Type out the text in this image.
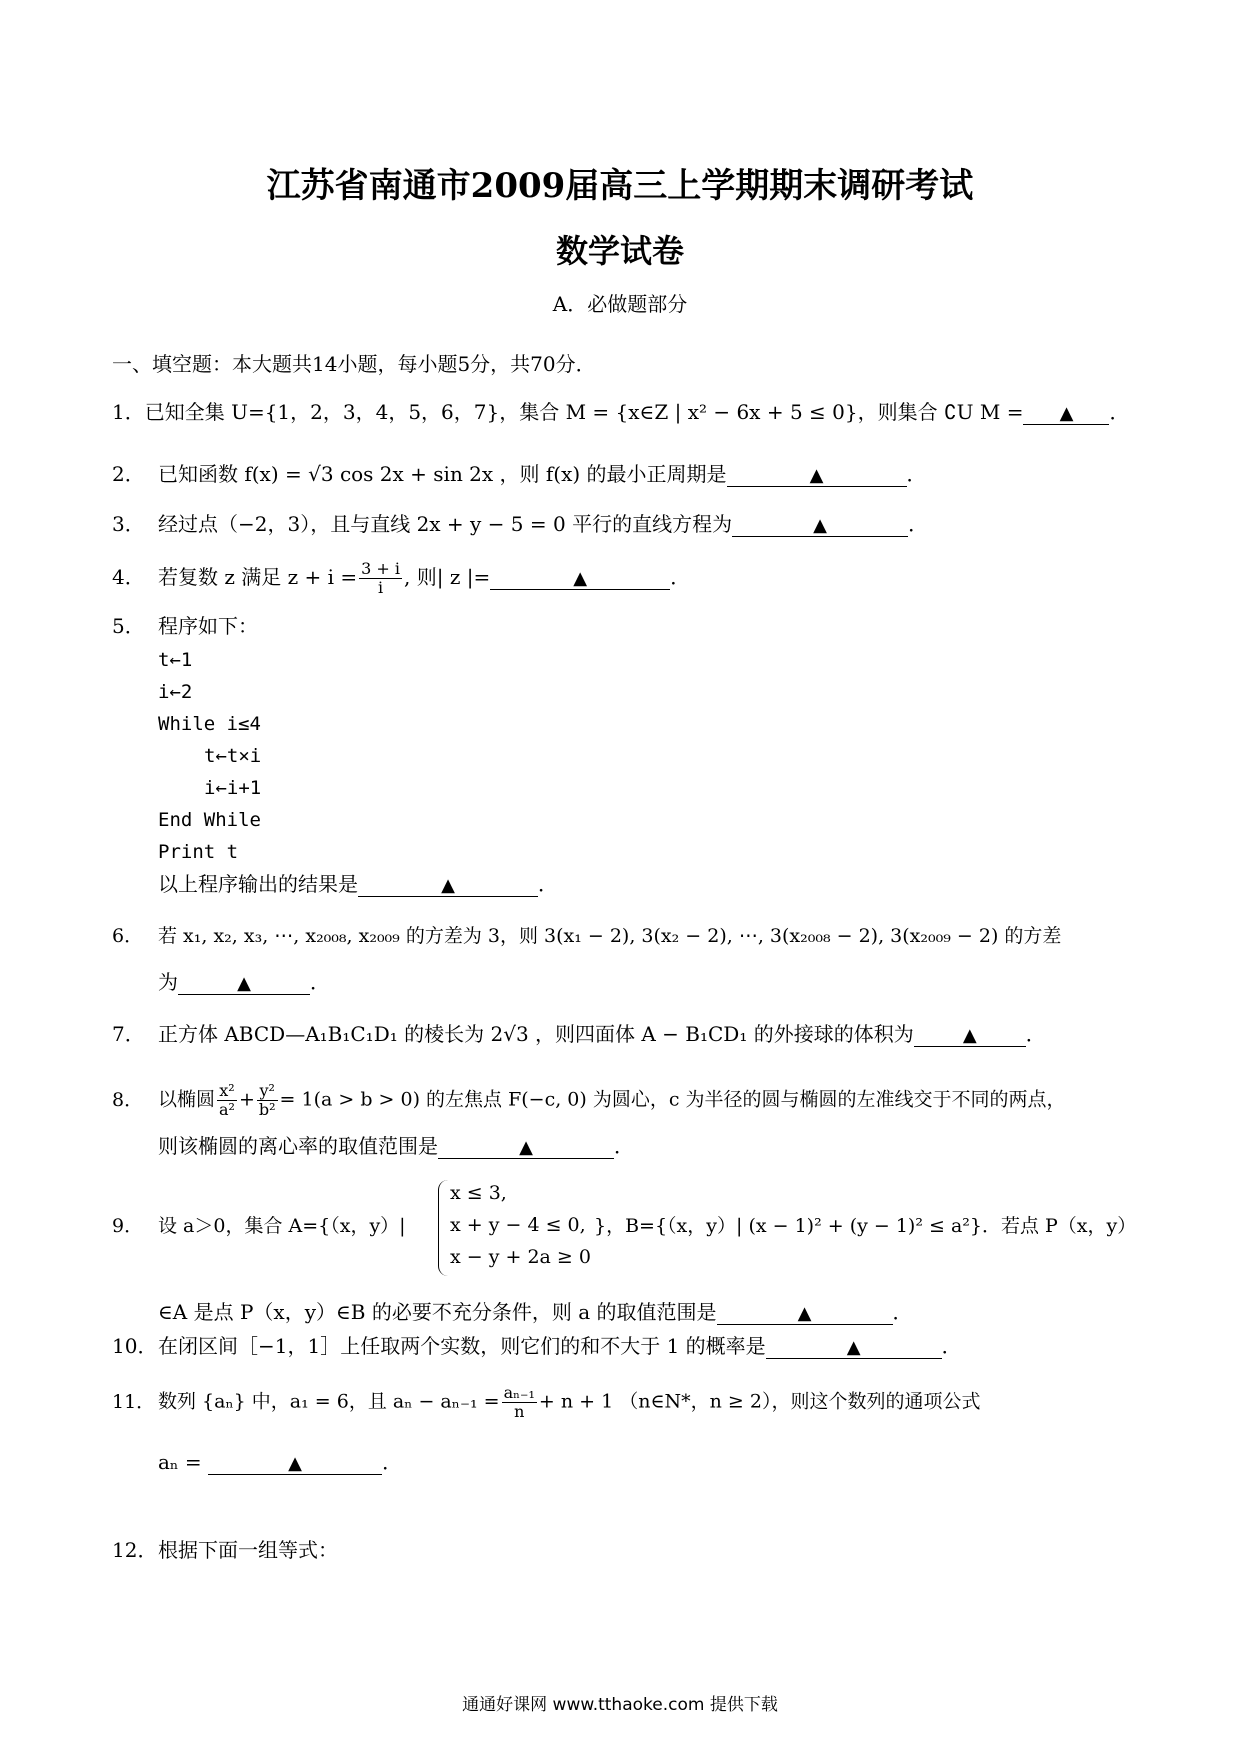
江苏省南通市2009届高三上学期期末调研考试
数学试卷
A．必做题部分
一、填空题：本大题共14小题，每小题5分，共70分．
1．已知全集 U={1，2，3，4，5，6，7}，集合 M = {x∈Z | x² − 6x + 5 ≤ 0}，则集合 ∁U M = ▲ ．
2． 已知函数 f(x) = √3 cos 2x + sin 2x ，则 f(x) 的最小正周期是	▲	．
3． 经过点（−2，3），且与直线 2x + y − 5 = 0 平行的直线方程为	▲	．
4． 若复数 z 满足 $z + i = \frac{3 + i}{i}$ , 则| z |=	▲	．
5． 程序如下：
t←1
i←2
While i≤4
t←t×i
i←i+1
End While
Print t
以上程序输出的结果是	▲	．
6． 若 x₁, x₂, x₃, ⋯, x₂₀₀₈, x₂₀₀₉ 的方差为 3，则 3(x₁ − 2), 3(x₂ − 2), ⋯, 3(x₂₀₀₈ − 2), 3(x₂₀₀₉ − 2) 的方差
为	▲	．
7． 正方体 ABCD—A₁B₁C₁D₁ 的棱长为 2√3 ，则四面体 A − B₁CD₁ 的外接球的体积为	▲ ．
8． 以椭圆 $\frac{\text{x²}}{\text{a²}} + \frac{\text{y²}}{\text{b²}} = 1(a > b > 0)$ 的左焦点 F(−c, 0) 为圆心，c 为半径的圆与椭圆的左准线交于不同的两点，
则该椭圆的离心率的取值范围是	▲	．
9． 设 a＞0，集合 A={（x，y）|
x ≤ 3,
x + y − 4 ≤ 0,
x − y + 2a ≥ 0
}，B={（x，y）| (x − 1)² + (y − 1)² ≤ a²}．若点 P（x，y）
∈A 是点 P（x，y）∈B 的必要不充分条件，则 a 的取值范围是	▲	．
10．在闭区间［−1，1］上任取两个实数，则它们的和不大于 1 的概率是	▲	．
11． 数列 {aₙ} 中，a₁ = 6，且 $a_n - a_{n-1} = \frac{\text{aₙ₋₁}}{n} + n + 1$ （n∈N*，n ≥ 2），则这个数列的通项公式
aₙ =	▲	．
12．根据下面一组等式：
通通好课网 www.tthaoke.com 提供下载
